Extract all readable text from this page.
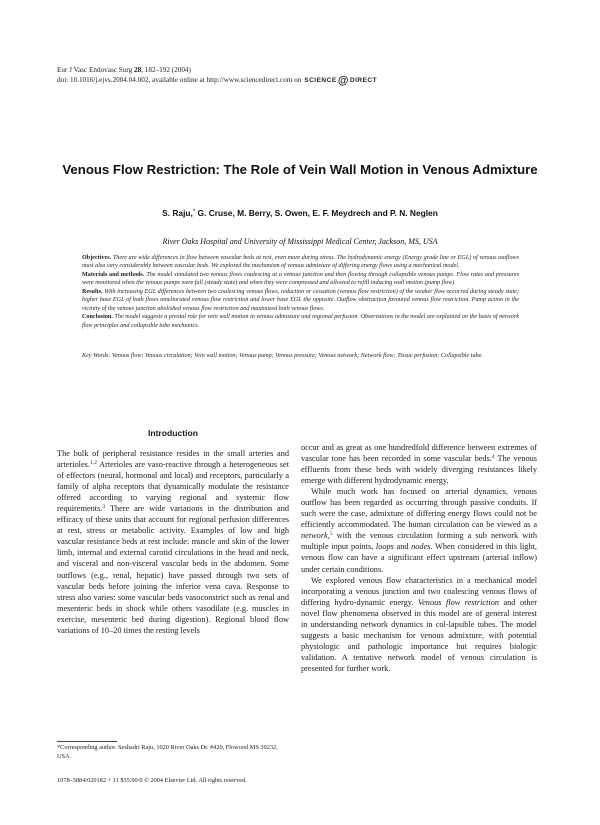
Eur J Vasc Endovasc Surg 28, 182–192 (2004)
doi: 10.1016/j.ejvs.2004.04.002, available online at http://www.sciencedirect.com on SCIENCE@DIRECT
Venous Flow Restriction: The Role of Vein Wall Motion in Venous Admixture
S. Raju,* G. Cruse, M. Berry, S. Owen, E. F. Meydrech and P. N. Neglen
River Oaks Hospital and University of Mississippi Medical Center, Jackson, MS, USA

Objectives. There are wide differences in flow between vascular beds at rest, even more during stress. The hydrodynamic energy (Energy grade line or EGL) of venous outflows must also vary considerably between vascular beds. We explored the mechanism of venous admixture of differing energy flows using a mechanical model.

Materials and methods. The model simulated two venous flows coalescing at a venous junction and then flowing through collapsible venous pumps. Flow rates and pressures were monitored when the venous pumps were full (steady state) and when they were compressed and allowed to refill inducing wall motion (pump flow).

Results. With increasing EGL differences between two coalescing venous flows, reduction or cessation (venous flow restriction) of the weaker flow occurred during steady state; higher base EGL of both flows ameliorated venous flow restriction and lower base EGL the opposite. Outflow obstruction favoured venous flow restriction. Pump action in the vicinity of the venous junction abolished venous flow restriction and maximized both venous flows.

Conclusion. The model suggests a pivotal role for vein wall motion in venous admixture and regional perfusion. Observations in the model are explained on the basis of network flow principles and collapsible tube mechanics.

Key Words: Venous flow; Venous circulation; Vein wall motion; Venous pump; Venous pressure; Venous network; Network flow; Tissue perfusion; Collapsible tube.
Introduction

The bulk of peripheral resistance resides in the small arteries and arterioles.$^{1,2}$ Arterioles are vaso-reactive through a heterogeneous set of effectors (neural, hormonal and local) and receptors, particularly a family of alpha receptors that dynamically modulate the resistance offered according to varying regional and systemic flow requirements.$^3$ There are wide variations in the distribution and efficacy of these units that account for regional perfusion differences at rest, stress or metabolic activity. Examples of low and high vascular resistance beds at rest include: muscle and skin of the lower limb, internal and external carotid circulations in the head and neck, and visceral and non-visceral vascular beds in the abdomen. Some outflows (e.g., renal, hepatic) have passed through two sets of vascular beds before joining the inferior vena cava. Response to stress also varies: some vascular beds vasoconstrict such as renal and mesenteric beds in shock while others vasodilate (e.g. muscles in exercise, mesenteric bed during digestion). Regional blood flow variations of 10–20 times the resting levels

occur and as great as one hundredfold difference between extremes of vascular tone has been recorded in some vascular beds.$^4$ The venous effluents from these beds with widely diverging resistances likely emerge with different hydrodynamic energy.

While much work has focused on arterial dynamics, venous outflow has been regarded as occurring through passive conduits. If such were the case, admixture of differing energy flows could not be efficiently accommodated. The human circulation can be viewed as a network,$^5$ with the venous circulation forming a sub network with multiple input points, loops and nodes. When considered in this light, venous flow can have a significant effect upstream (arterial inflow) under certain conditions.

We explored venous flow characteristics in a mechanical model incorporating a venous junction and two coalescing venous flows of differing hydro-dynamic energy. Venous flow restriction and other novel flow phenomena observed in this model are of general interest in understanding network dynamics in col-lapsible tubes. The model suggests a basic mechanism for venous admixture, with potential physiologic and pathologic importance but requires biologic validation. A tentative network model of venous circulation is presented for further work.

*Corresponding author. Seshadri Raju, 1020 River Oaks Dr. #420, Flowood MS 39232, USA.
1078–5884/020182 + 11 $35.00/0 © 2004 Elsevier Ltd. All rights reserved.
